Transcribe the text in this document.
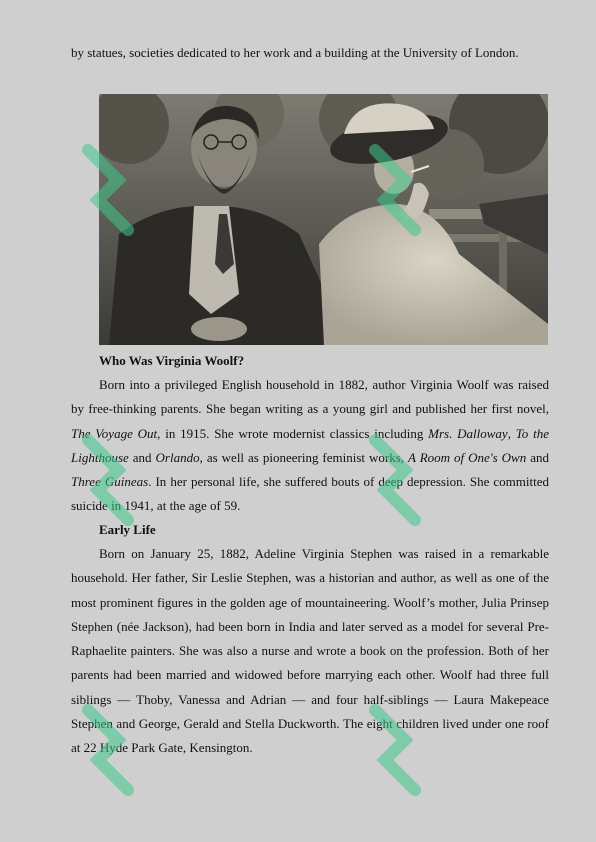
by statues, societies dedicated to her work and a building at the University of London.

Who Was Virginia Woolf?

Born into a privileged English household in 1882, author Virginia Woolf was raised by free-thinking parents. She began writing as a young girl and published her first novel, The Voyage Out, in 1915. She wrote modernist classics including Mrs. Dalloway, To the Lighthouse and Orlando, as well as pioneering feminist works, A Room of One's Own and Three Guineas. In her personal life, she suffered bouts of deep depression. She committed suicide in 1941, at the age of 59.

Early Life

Born on January 25, 1882, Adeline Virginia Stephen was raised in a remarkable household. Her father, Sir Leslie Stephen, was a historian and author, as well as one of the most prominent figures in the golden age of mountaineering. Woolf’s mother, Julia Prinsep Stephen (née Jackson), had been born in India and later served as a model for several Pre-Raphaelite painters. She was also a nurse and wrote a book on the profession. Both of her parents had been married and widowed before marrying each other. Woolf had three full siblings — Thoby, Vanessa and Adrian — and four half-siblings — Laura Makepeace Stephen and George, Gerald and Stella Duckworth. The eight children lived under one roof at 22 Hyde Park Gate, Kensington.
